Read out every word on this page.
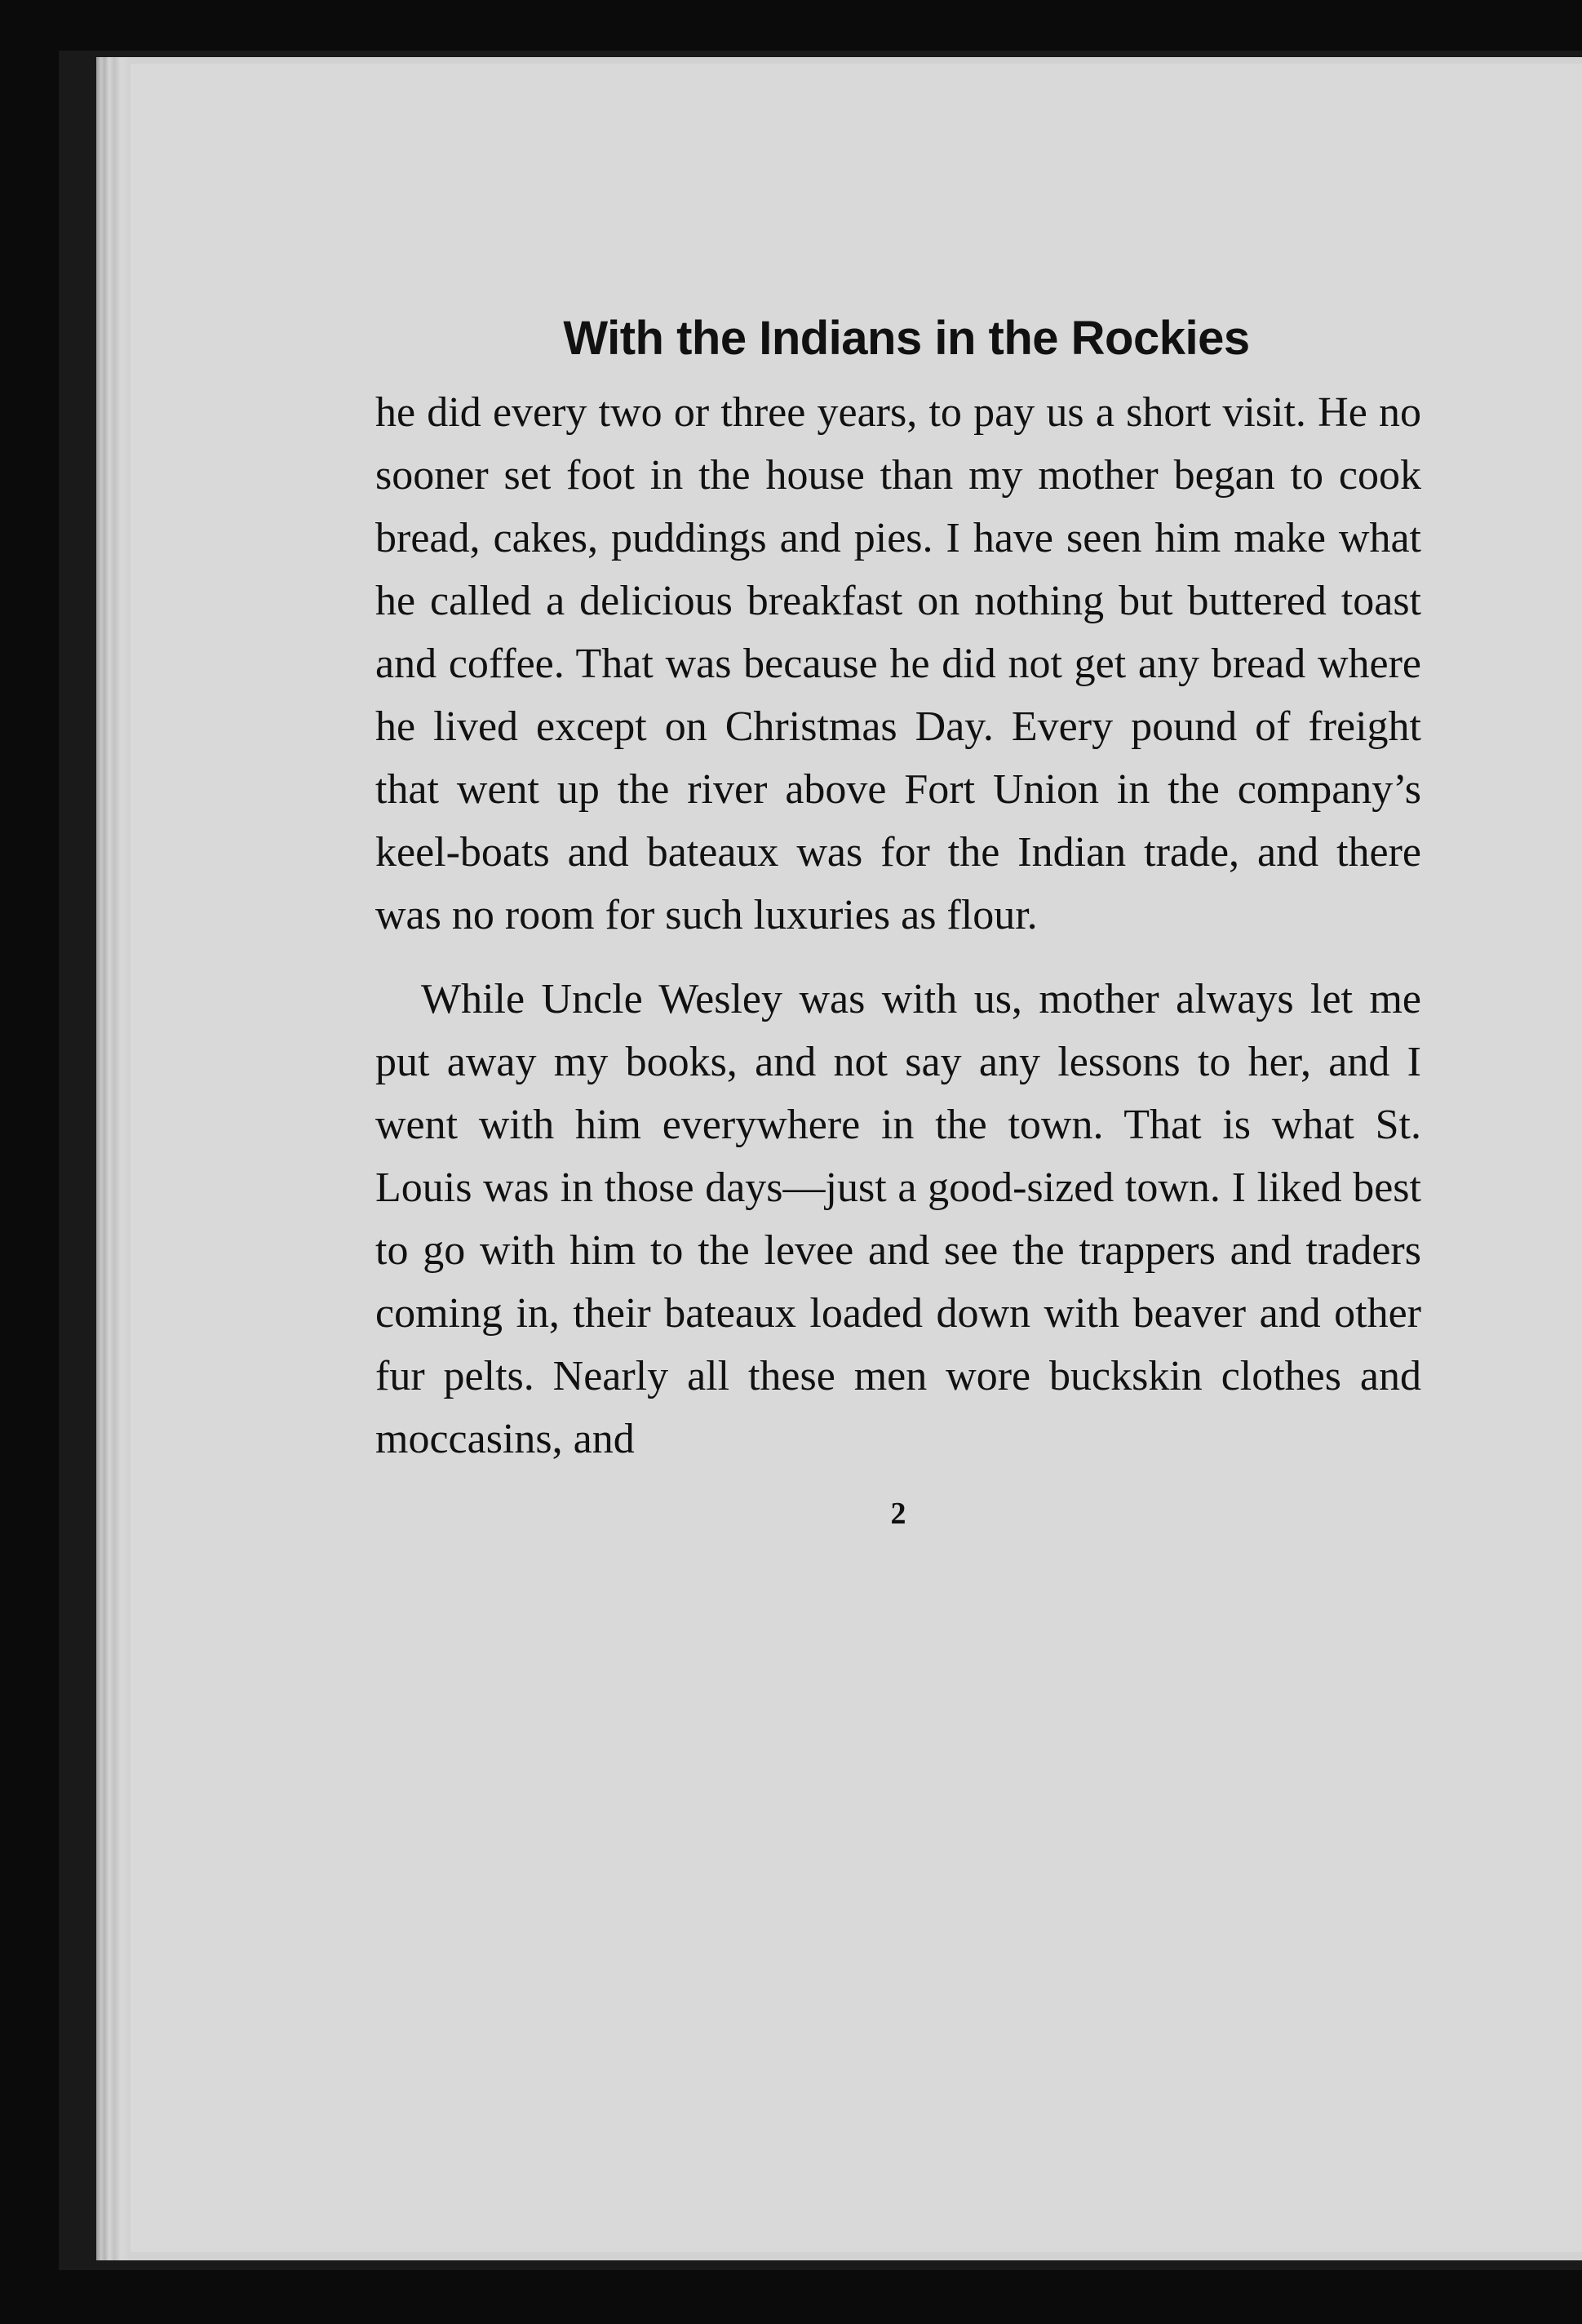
With the Indians in the Rockies

he did every two or three years, to pay us a short visit. He no sooner set foot in the house than my mother began to cook bread, cakes, puddings and pies. I have seen him make what he called a delicious breakfast on nothing but buttered toast and coffee. That was because he did not get any bread where he lived except on Christmas Day. Every pound of freight that went up the river above Fort Union in the company’s keel-boats and bateaux was for the Indian trade, and there was no room for such luxuries as flour.

While Uncle Wesley was with us, mother always let me put away my books, and not say any lessons to her, and I went with him everywhere in the town. That is what St. Louis was in those days—just a good-sized town. I liked best to go with him to the levee and see the trappers and traders coming in, their bateaux loaded down with beaver and other fur pelts. Nearly all these men wore buckskin clothes and moccasins, and

2
